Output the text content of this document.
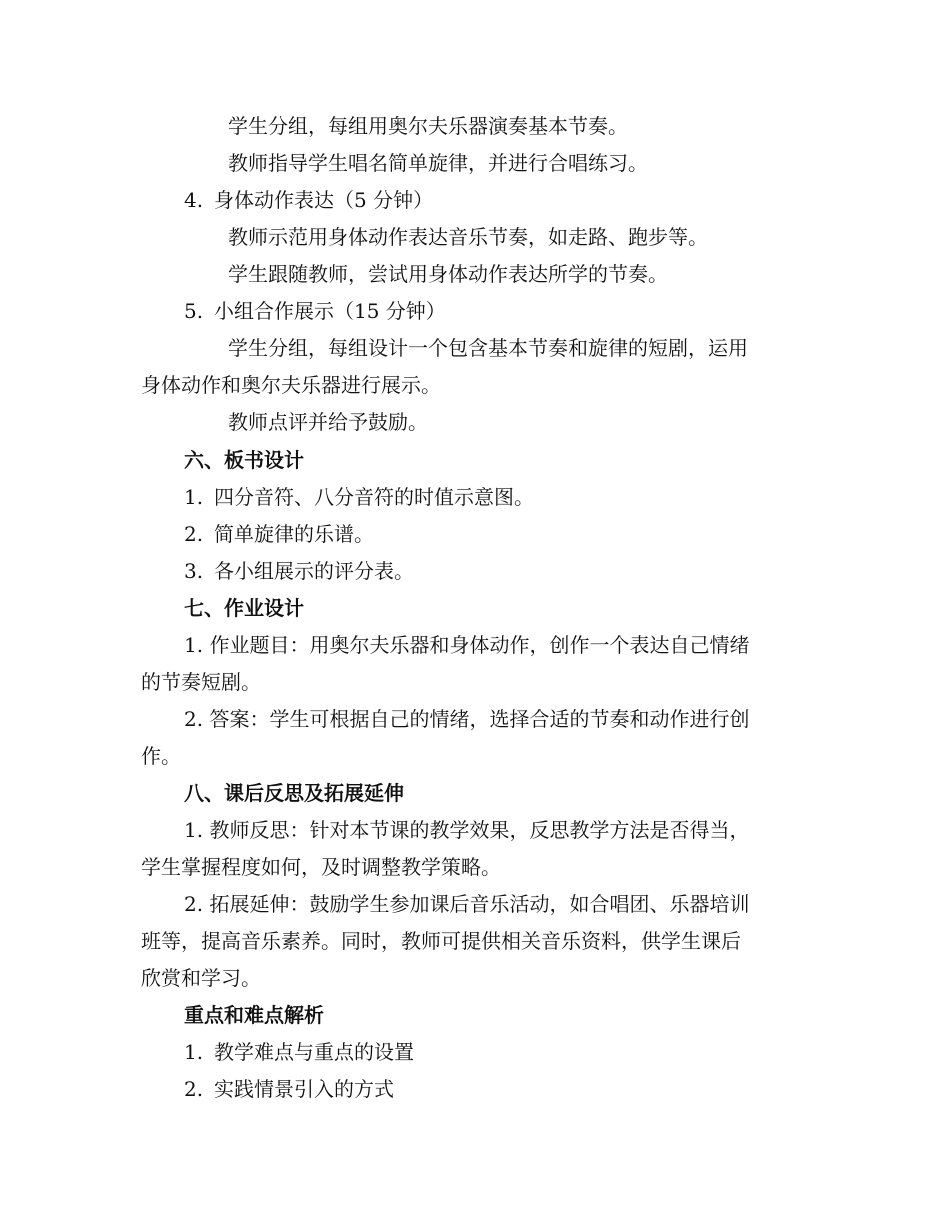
学生分组，每组用奥尔夫乐器演奏基本节奏。
教师指导学生唱名简单旋律，并进行合唱练习。
4. 身体动作表达（5 分钟）
教师示范用身体动作表达音乐节奏，如走路、跑步等。
学生跟随教师，尝试用身体动作表达所学的节奏。
5. 小组合作展示（15 分钟）
学生分组，每组设计一个包含基本节奏和旋律的短剧，运用
身体动作和奥尔夫乐器进行展示。
教师点评并给予鼓励。
六、板书设计
1. 四分音符、八分音符的时值示意图。
2. 简单旋律的乐谱。
3. 各小组展示的评分表。
七、作业设计
1. 作业题目：用奥尔夫乐器和身体动作，创作一个表达自己情绪
的节奏短剧。
2. 答案：学生可根据自己的情绪，选择合适的节奏和动作进行创
作。
八、课后反思及拓展延伸
1. 教师反思：针对本节课的教学效果，反思教学方法是否得当，
学生掌握程度如何，及时调整教学策略。
2. 拓展延伸：鼓励学生参加课后音乐活动，如合唱团、乐器培训
班等，提高音乐素养。同时，教师可提供相关音乐资料，供学生课后
欣赏和学习。
重点和难点解析
1. 教学难点与重点的设置
2. 实践情景引入的方式
